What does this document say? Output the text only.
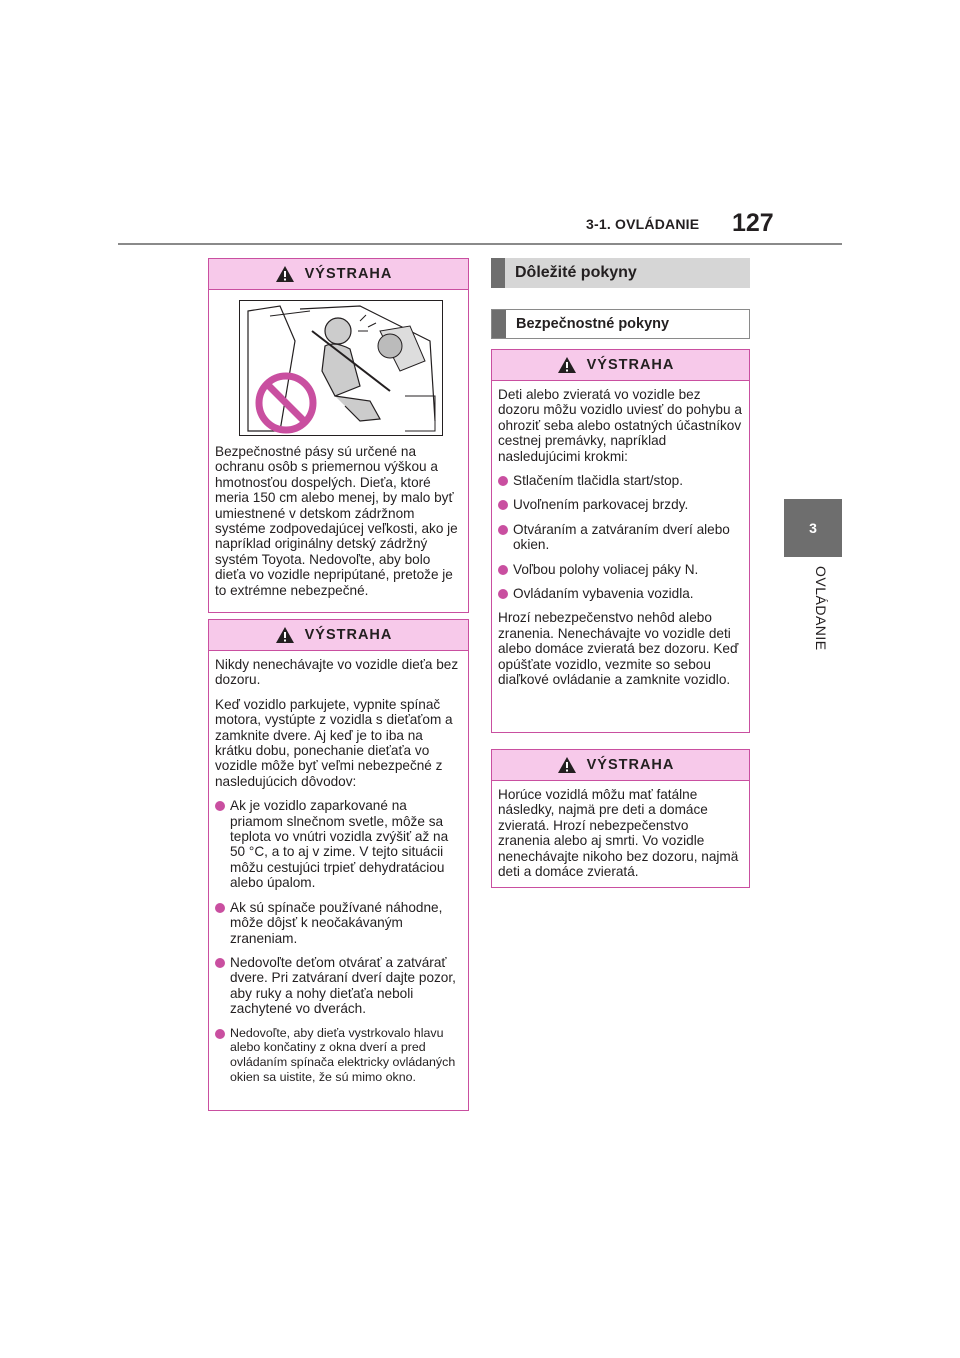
3-1. OVLÁDANIE 127
3
OVLÁDANIE
VÝSTRAHA

Bezpečnostné pásy sú určené na ochranu osôb s priemernou výškou a hmotnosťou dospelých. Dieťa, ktoré meria 150 cm alebo menej, by malo byť umiestnené v detskom zádržnom systéme zodpovedajúcej veľkosti, ako je napríklad originálny detský zádržný systém Toyota. Nedovoľte, aby bolo dieťa vo vozidle nepripútané, pretože je to extrémne nebezpečné.

VÝSTRAHA

Nikdy nenechávajte vo vozidle dieťa bez dozoru.

Keď vozidlo parkujete, vypnite spínač motora, vystúpte z vozidla s dieťaťom a zamknite dvere. Aj keď je to iba na krátku dobu, ponechanie dieťaťa vo vozidle môže byť veľmi nebezpečné z nasledujúcich dôvodov:

Ak je vozidlo zaparkované na priamom slnečnom svetle, môže sa teplota vo vnútri vozidla zvýšiť až na 50 °C, a to aj v zime. V tejto situácii môžu cestujúci trpieť dehydratáciou alebo úpalom.
Ak sú spínače používané náhodne, môže dôjsť k neočakávaným zraneniam.
Nedovoľte deťom otvárať a zatvárať dvere. Pri zatváraní dverí dajte pozor, aby ruky a nohy dieťaťa neboli zachytené vo dverách.
Nedovoľte, aby dieťa vystrkovalo hlavu alebo končatiny z okna dverí a pred ovládaním spínača elektricky ovládaných okien sa uistite, že sú mimo okno.
Dôležité pokyny
Bezpečnostné pokyny
VÝSTRAHA

Deti alebo zvieratá vo vozidle bez dozoru môžu vozidlo uviesť do pohybu a ohroziť seba alebo ostatných účastníkov cestnej premávky, napríklad nasledujúcimi krokmi:

Stlačením tlačidla start/stop.
Uvoľnením parkovacej brzdy.
Otváraním a zatváraním dverí alebo okien.
Voľbou polohy voliacej páky N.
Ovládaním vybavenia vozidla.

Hrozí nebezpečenstvo nehôd alebo zranenia. Nenechávajte vo vozidle deti alebo domáce zvieratá bez dozoru. Keď opúšťate vozidlo, vezmite so sebou diaľkové ovládanie a zamknite vozidlo.

VÝSTRAHA

Horúce vozidlá môžu mať fatálne následky, najmä pre deti a domáce zvieratá. Hrozí nebezpečenstvo zranenia alebo aj smrti. Vo vozidle nenechávajte nikoho bez dozoru, najmä deti a domáce zvieratá.
